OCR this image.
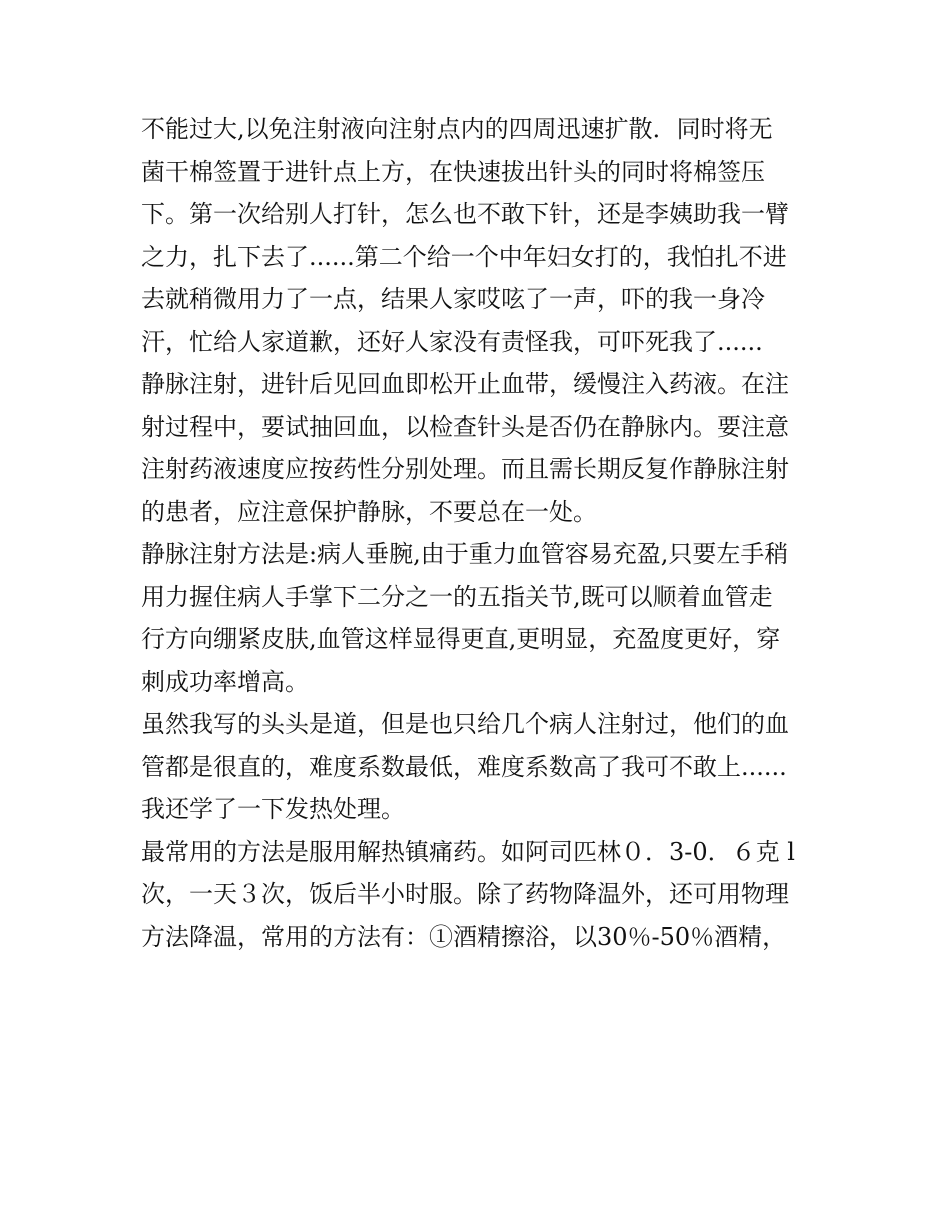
不能过大,以免注射液向注射点内的四周迅速扩散．同时将无
菌干棉签置于进针点上方，在快速拔出针头的同时将棉签压
下。第一次给别人打针，怎么也不敢下针，还是李姨助我一臂
之力，扎下去了......第二个给一个中年妇女打的，我怕扎不进
去就稍微用力了一点，结果人家哎呟了一声，吓的我一身冷
汗，忙给人家道歉，还好人家没有责怪我，可吓死我了......
静脉注射，进针后见回血即松开止血带，缓慢注入药液。在注
射过程中，要试抽回血，以检查针头是否仍在静脉内。要注意
注射药液速度应按药性分别处理。而且需长期反复作静脉注射
的患者，应注意保护静脉，不要总在一处。
静脉注射方法是:病人垂腕,由于重力血管容易充盈,只要左手稍
用力握住病人手掌下二分之一的五指关节,既可以顺着血管走
行方向绷紧皮肤,血管这样显得更直,更明显，充盈度更好，穿
刺成功率增高。
虽然我写的头头是道，但是也只给几个病人注射过，他们的血
管都是很直的，难度系数最低，难度系数高了我可不敢上......
我还学了一下发热处理。
最常用的方法是服用解热镇痛药。如阿司匹林０．3-0．６克 l
次，一天３次，饭后半小时服。除了药物降温外，还可用物理
方法降温，常用的方法有：①酒精擦浴，以30％-50％酒精，
